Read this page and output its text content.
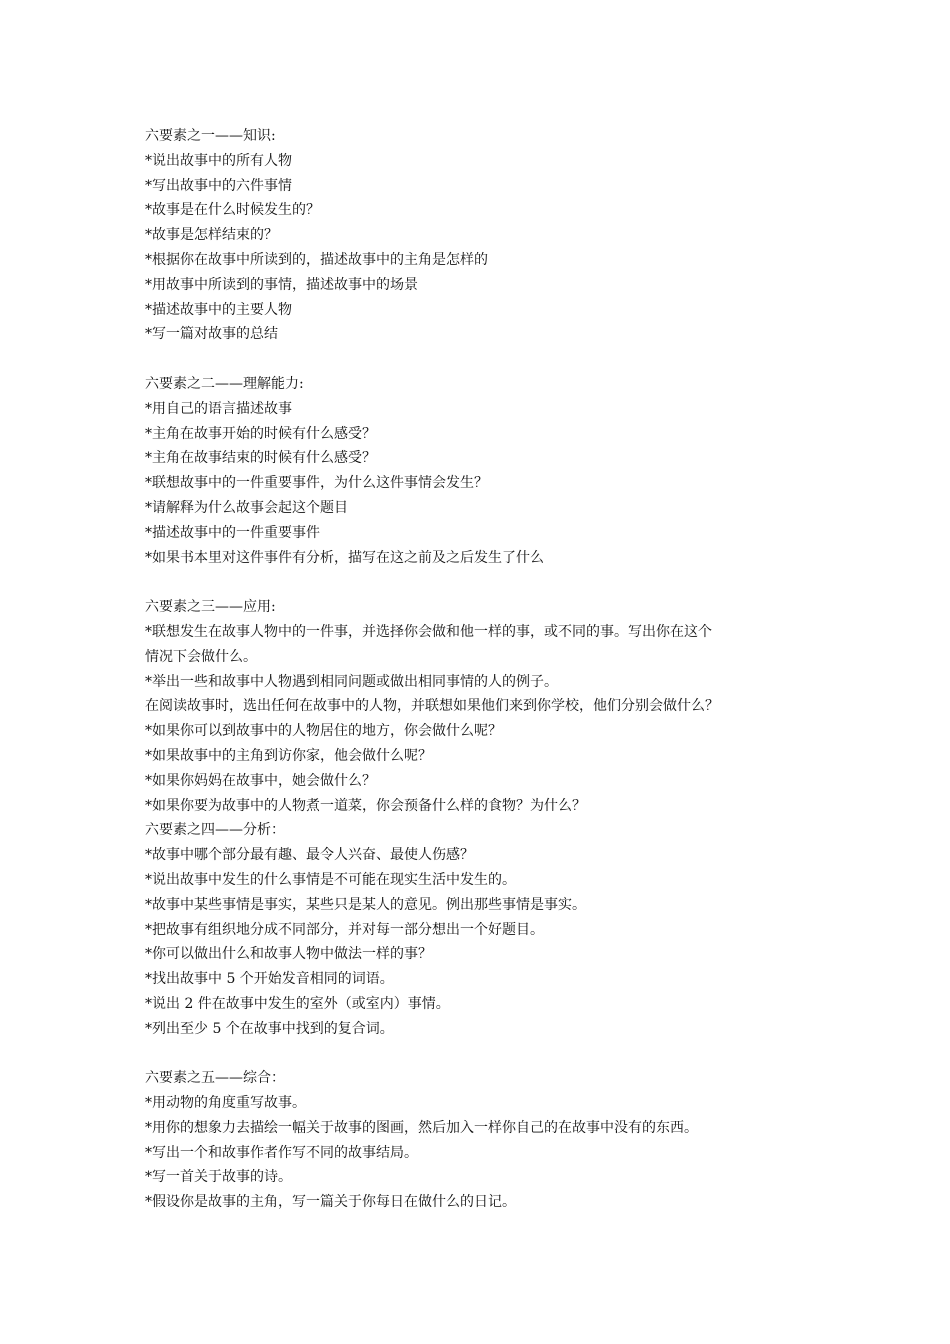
六要素之一——知识:
*说出故事中的所有人物
*写出故事中的六件事情
*故事是在什么时候发生的？
*故事是怎样结束的？
*根据你在故事中所读到的，描述故事中的主角是怎样的
*用故事中所读到的事情，描述故事中的场景
*描述故事中的主要人物
*写一篇对故事的总结
六要素之二——理解能力:
*用自己的语言描述故事
*主角在故事开始的时候有什么感受？
*主角在故事结束的时候有什么感受？
*联想故事中的一件重要事件，为什么这件事情会发生？
*请解释为什么故事会起这个题目
*描述故事中的一件重要事件
*如果书本里对这件事件有分析，描写在这之前及之后发生了什么
六要素之三——应用:
*联想发生在故事人物中的一件事，并选择你会做和他一样的事，或不同的事。写出你在这个
情况下会做什么。
*举出一些和故事中人物遇到相同问题或做出相同事情的人的例子。
在阅读故事时，选出任何在故事中的人物，并联想如果他们来到你学校，他们分别会做什么？
*如果你可以到故事中的人物居住的地方，你会做什么呢？
*如果故事中的主角到访你家，他会做什么呢？
*如果你妈妈在故事中，她会做什么？
*如果你要为故事中的人物煮一道菜，你会预备什么样的食物？为什么？
六要素之四——分析：
*故事中哪个部分最有趣、最令人兴奋、最使人伤感？
*说出故事中发生的什么事情是不可能在现实生活中发生的。
*故事中某些事情是事实，某些只是某人的意见。例出那些事情是事实。
*把故事有组织地分成不同部分，并对每一部分想出一个好题目。
*你可以做出什么和故事人物中做法一样的事？
*找出故事中 5 个开始发音相同的词语。
*说出 2 件在故事中发生的室外（或室内）事情。
*列出至少 5 个在故事中找到的复合词。
六要素之五——综合：
*用动物的角度重写故事。
*用你的想象力去描绘一幅关于故事的图画，然后加入一样你自己的在故事中没有的东西。
*写出一个和故事作者作写不同的故事结局。
*写一首关于故事的诗。
*假设你是故事的主角，写一篇关于你每日在做什么的日记。
